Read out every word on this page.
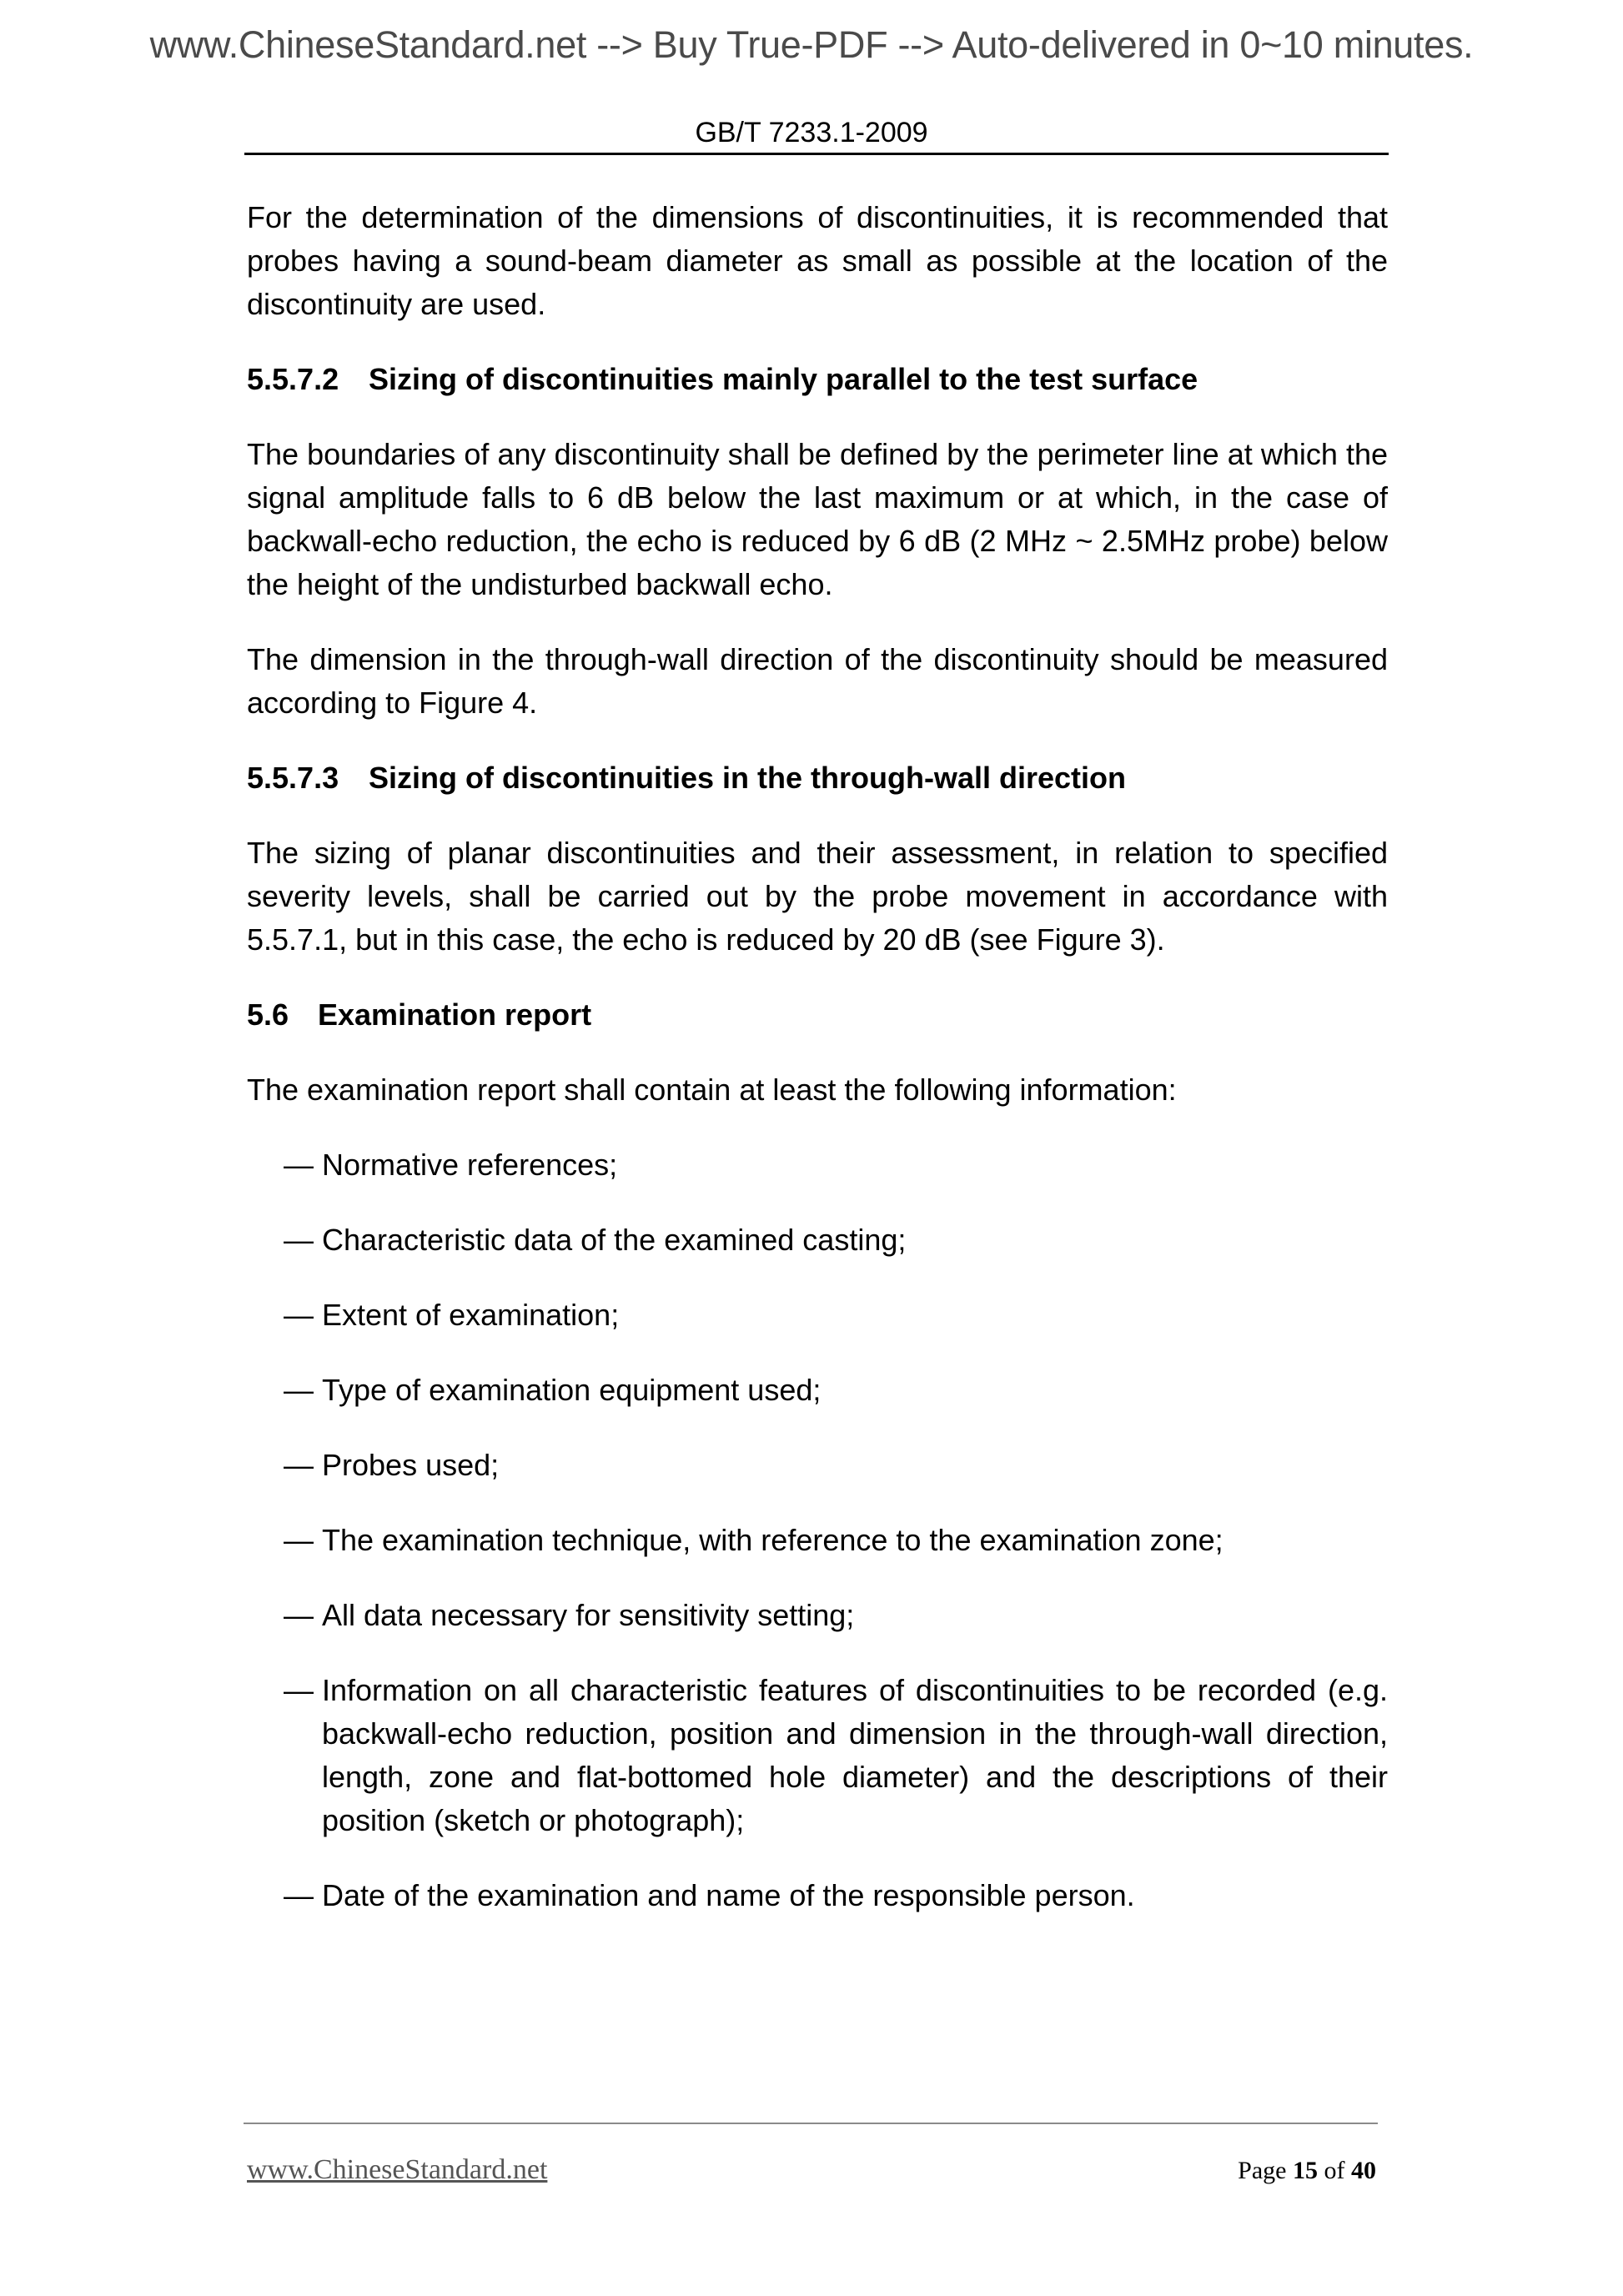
www.ChineseStandard.net --> Buy True-PDF --> Auto-delivered in 0~10 minutes.
GB/T 7233.1-2009

For the determination of the dimensions of discontinuities, it is recommended that probes having a sound-beam diameter as small as possible at the location of the discontinuity are used.

5.5.7.2 Sizing of discontinuities mainly parallel to the test surface

The boundaries of any discontinuity shall be defined by the perimeter line at which the signal amplitude falls to 6 dB below the last maximum or at which, in the case of backwall-echo reduction, the echo is reduced by 6 dB (2 MHz ~ 2.5MHz probe) below the height of the undisturbed backwall echo.

The dimension in the through-wall direction of the discontinuity should be measured according to Figure 4.

5.5.7.3 Sizing of discontinuities in the through-wall direction

The sizing of planar discontinuities and their assessment, in relation to specified severity levels, shall be carried out by the probe movement in accordance with 5.5.7.1, but in this case, the echo is reduced by 20 dB (see Figure 3).

5.6 Examination report

The examination report shall contain at least the following information:

— Normative references;
— Characteristic data of the examined casting;
— Extent of examination;
— Type of examination equipment used;
— Probes used;
— The examination technique, with reference to the examination zone;
— All data necessary for sensitivity setting;
— Information on all characteristic features of discontinuities to be recorded (e.g. backwall-echo reduction, position and dimension in the through-wall direction, length, zone and flat-bottomed hole diameter) and the descriptions of their position (sketch or photograph);
— Date of the examination and name of the responsible person.
www.ChineseStandard.net	Page 15 of 40
